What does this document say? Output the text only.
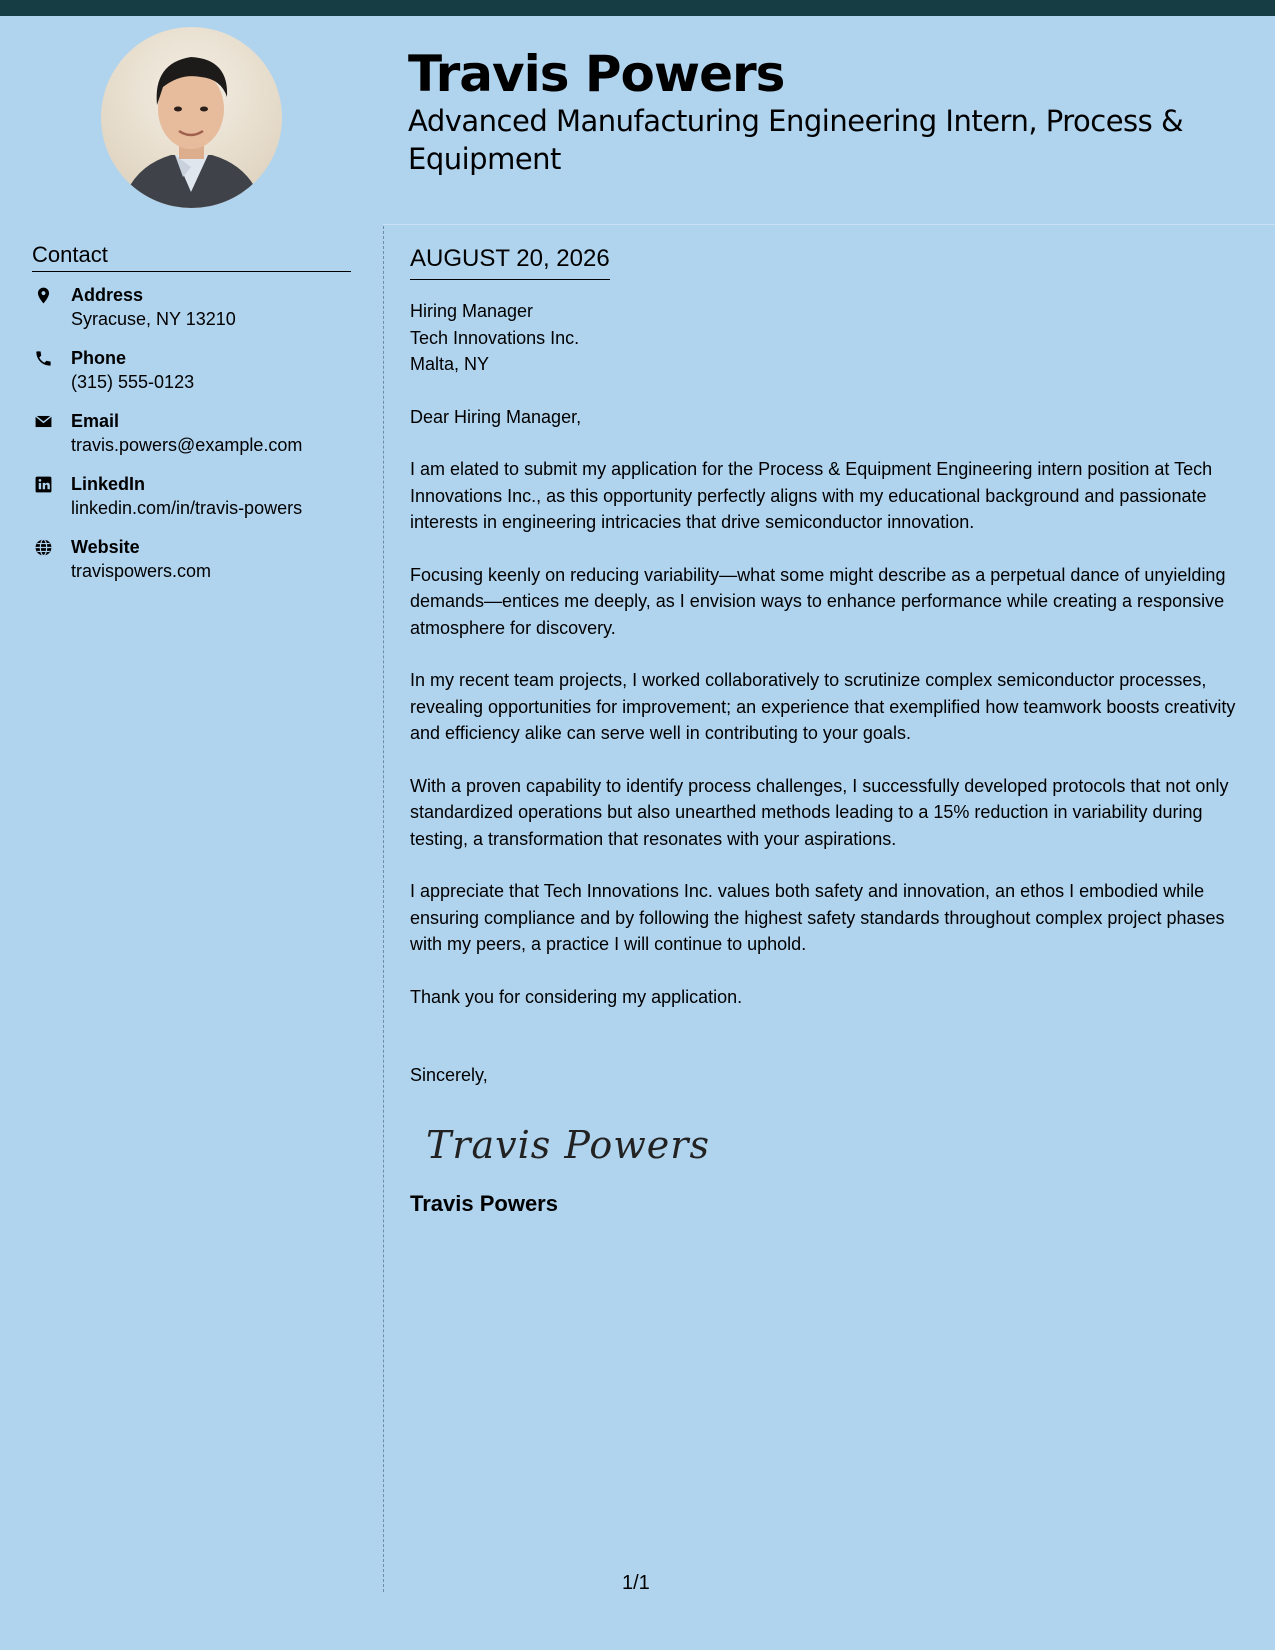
Travis Powers
Advanced Manufacturing Engineering Intern, Process & Equipment
Contact
Address
Syracuse, NY 13210
Phone
(315) 555-0123
Email
travis.powers@example.com
LinkedIn
linkedin.com/in/travis-powers
Website
travispowers.com
AUGUST 20, 2026
Hiring Manager
Tech Innovations Inc.
Malta, NY
Dear Hiring Manager,
I am elated to submit my application for the Process & Equipment Engineering intern position at Tech Innovations Inc., as this opportunity perfectly aligns with my educational background and passionate interests in engineering intricacies that drive semiconductor innovation.
Focusing keenly on reducing variability—what some might describe as a perpetual dance of unyielding demands—entices me deeply, as I envision ways to enhance performance while creating a responsive atmosphere for discovery.
In my recent team projects, I worked collaboratively to scrutinize complex semiconductor processes, revealing opportunities for improvement; an experience that exemplified how teamwork boosts creativity and efficiency alike can serve well in contributing to your goals.
With a proven capability to identify process challenges, I successfully developed protocols that not only standardized operations but also unearthed methods leading to a 15% reduction in variability during testing, a transformation that resonates with your aspirations.
I appreciate that Tech Innovations Inc. values both safety and innovation, an ethos I embodied while ensuring compliance and by following the highest safety standards throughout complex project phases with my peers, a practice I will continue to uphold.
Thank you for considering my application.
Sincerely,
Travis Powers
Travis Powers
1/1
